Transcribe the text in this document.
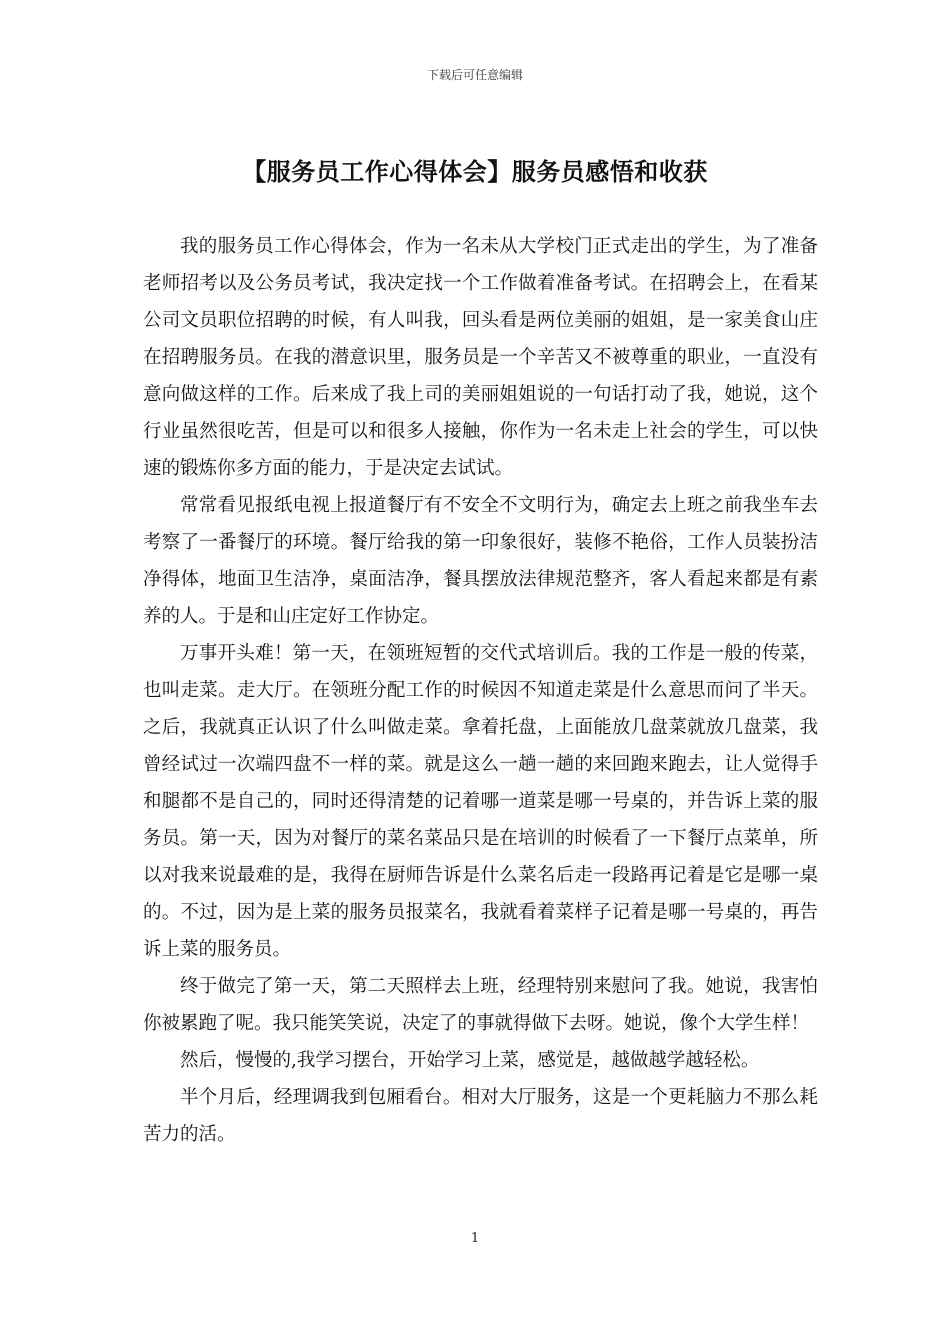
下载后可任意编辑
【服务员工作心得体会】服务员感悟和收获

我的服务员工作心得体会，作为一名未从大学校门正式走出的学生，为了准备老师招考以及公务员考试，我决定找一个工作做着准备考试。在招聘会上，在看某公司文员职位招聘的时候，有人叫我，回头看是两位美丽的姐姐，是一家美食山庄在招聘服务员。在我的潜意识里，服务员是一个辛苦又不被尊重的职业，一直没有意向做这样的工作。后来成了我上司的美丽姐姐说的一句话打动了我，她说，这个行业虽然很吃苦，但是可以和很多人接触，你作为一名未走上社会的学生，可以快速的锻炼你多方面的能力，于是决定去试试。

常常看见报纸电视上报道餐厅有不安全不文明行为，确定去上班之前我坐车去考察了一番餐厅的环境。餐厅给我的第一印象很好，装修不艳俗，工作人员装扮洁净得体，地面卫生洁净，桌面洁净，餐具摆放法律规范整齐，客人看起来都是有素养的人。于是和山庄定好工作协定。

万事开头难！第一天，在领班短暂的交代式培训后。我的工作是一般的传菜，也叫走菜。走大厅。在领班分配工作的时候因不知道走菜是什么意思而问了半天。之后，我就真正认识了什么叫做走菜。拿着托盘，上面能放几盘菜就放几盘菜，我曾经试过一次端四盘不一样的菜。就是这么一趟一趟的来回跑来跑去，让人觉得手和腿都不是自己的，同时还得清楚的记着哪一道菜是哪一号桌的，并告诉上菜的服务员。第一天，因为对餐厅的菜名菜品只是在培训的时候看了一下餐厅点菜单，所以对我来说最难的是，我得在厨师告诉是什么菜名后走一段路再记着是它是哪一桌的。不过，因为是上菜的服务员报菜名，我就看着菜样子记着是哪一号桌的，再告诉上菜的服务员。

终于做完了第一天，第二天照样去上班，经理特别来慰问了我。她说，我害怕你被累跑了呢。我只能笑笑说，决定了的事就得做下去呀。她说，像个大学生样！

然后，慢慢的,我学习摆台，开始学习上菜，感觉是，越做越学越轻松。

半个月后，经理调我到包厢看台。相对大厅服务，这是一个更耗脑力不那么耗苦力的活。

1
